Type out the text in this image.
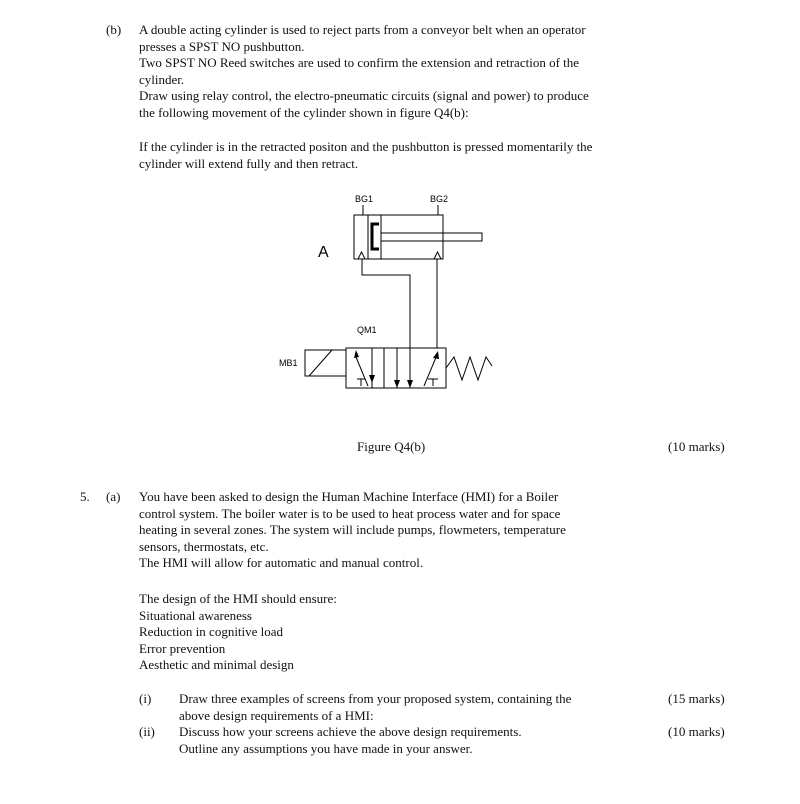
(b) A double acting cylinder is used to reject parts from a conveyor belt when an operator
presses a SPST NO pushbutton.
Two SPST NO Reed switches are used to confirm the extension and retraction of the
cylinder.
Draw using relay control, the electro-pneumatic circuits (signal and power) to produce
the following movement of the cylinder shown in figure Q4(b):
If the cylinder is in the retracted positon and the pushbutton is pressed momentarily the
cylinder will extend fully and then retract.
BG1	BG2
A
QM1
MB1
Figure Q4(b)	(10 marks)
5. (a) You have been asked to design the Human Machine Interface (HMI) for a Boiler
control system. The boiler water is to be used to heat process water and for space
heating in several zones. The system will include pumps, flowmeters, temperature
sensors, thermostats, etc.
The HMI will allow for automatic and manual control.
The design of the HMI should ensure:
Situational awareness
Reduction in cognitive load
Error prevention
Aesthetic and minimal design
(i) Draw three examples of screens from your proposed system, containing the
above design requirements of a HMI:
(15 marks)
(ii) Discuss how your screens achieve the above design requirements.
Outline any assumptions you have made in your answer.
(10 marks)
